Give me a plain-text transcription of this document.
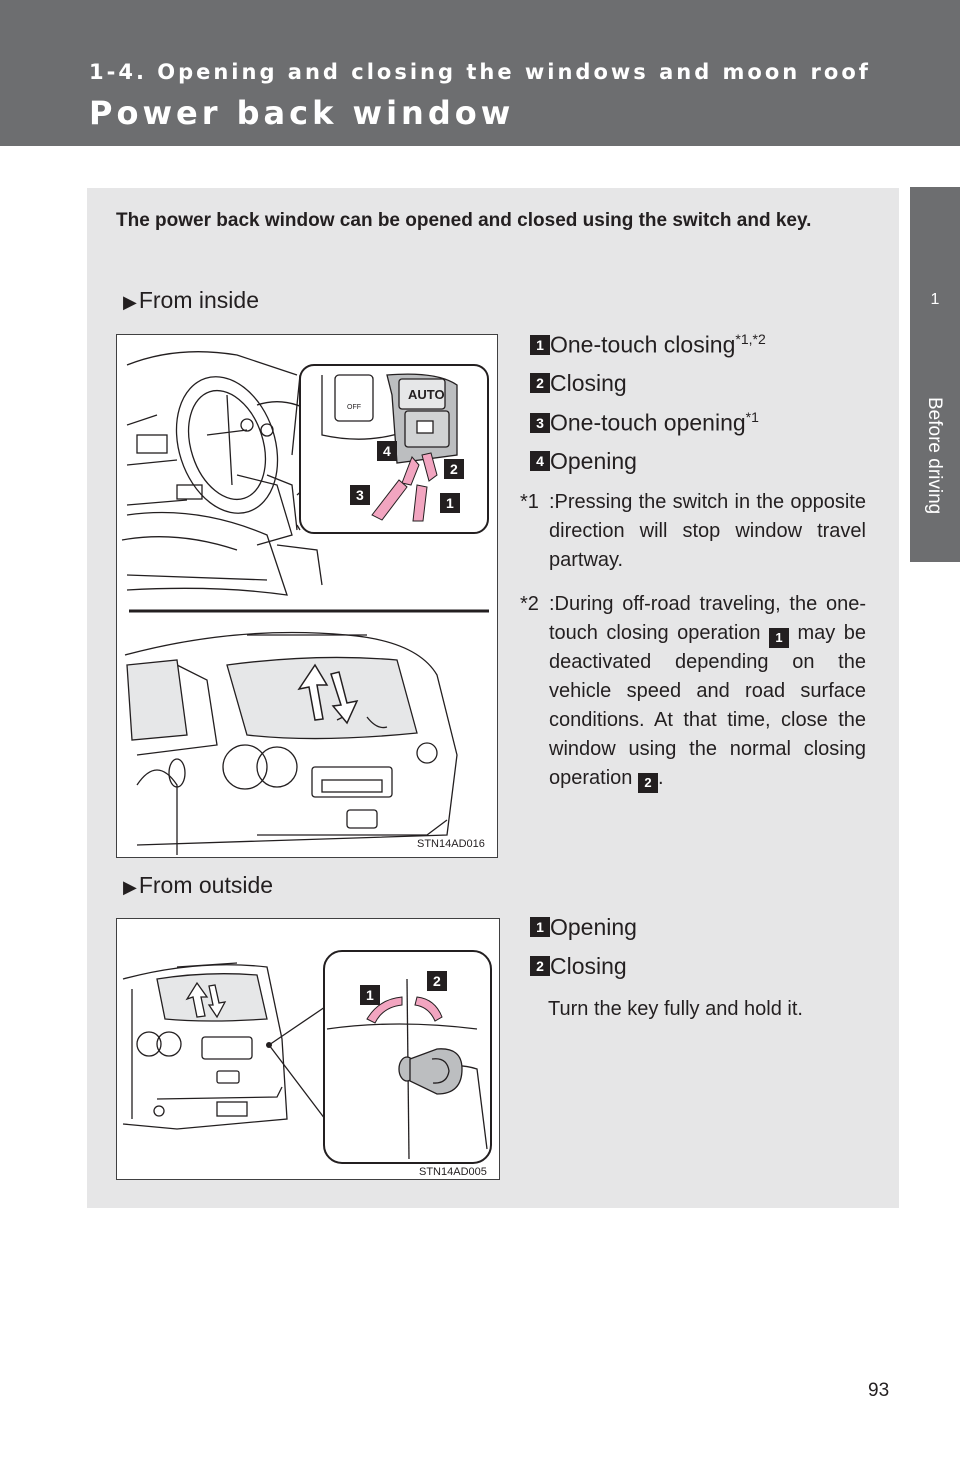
1-4. Opening and closing the windows and moon roof
Power back window
1
Before driving
The power back window can be opened and closed using the switch and key.
▶From inside
AUTO
OFF
4
2
3	1
STN14AD016
1 One-touch closing$^{*1,*2}$
2 Closing
3 One-touch opening$^{*1}$
4 Opening
*1 :Pressing the switch in the opposite direction will stop window travel partway.
*2 :During off-road traveling, the one-touch closing operation 1 may be deactivated depending on the vehicle speed and road surface conditions. At that time, close the window using the normal closing operation 2 .
▶From outside
1
2
STN14AD005
1 Opening
2 Closing
Turn the key fully and hold it.
93
